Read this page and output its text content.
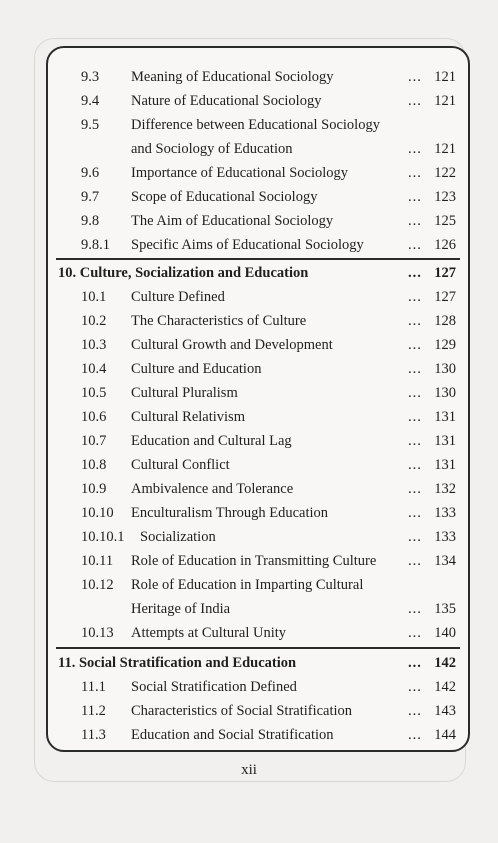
9.3 Meaning of Educational Sociology	... 121
9.4 Nature of Educational Sociology	... 121
9.5 Difference between Educational Sociology
and Sociology of Education	... 121
9.6 Importance of Educational Sociology	... 122
9.7 Scope of Educational Sociology	... 123
9.8 The Aim of Educational Sociology	... 125
9.8.1 Specific Aims of Educational Sociology	... 126
10. Culture, Socialization and Education	... 127
10.1 Culture Defined	... 127
10.2 The Characteristics of Culture	... 128
10.3 Cultural Growth and Development	... 129
10.4 Culture and Education	... 130
10.5 Cultural Pluralism	... 130
10.6 Cultural Relativism	... 131
10.7 Education and Cultural Lag	... 131
10.8 Cultural Conflict	... 131
10.9 Ambivalence and Tolerance	... 132
10.10 Enculturalism Through Education	... 133
10.10.1 Socialization	... 133
10.11 Role of Education in Transmitting Culture ... 134
10.12 Role of Education in Imparting Cultural
Heritage of India	... 135
10.13 Attempts at Cultural Unity	... 140
11. Social Stratification and Education	... 142
11.1 Social Stratification Defined	... 142
11.2 Characteristics of Social Stratification	... 143
11.3 Education and Social Stratification	... 144
xii
